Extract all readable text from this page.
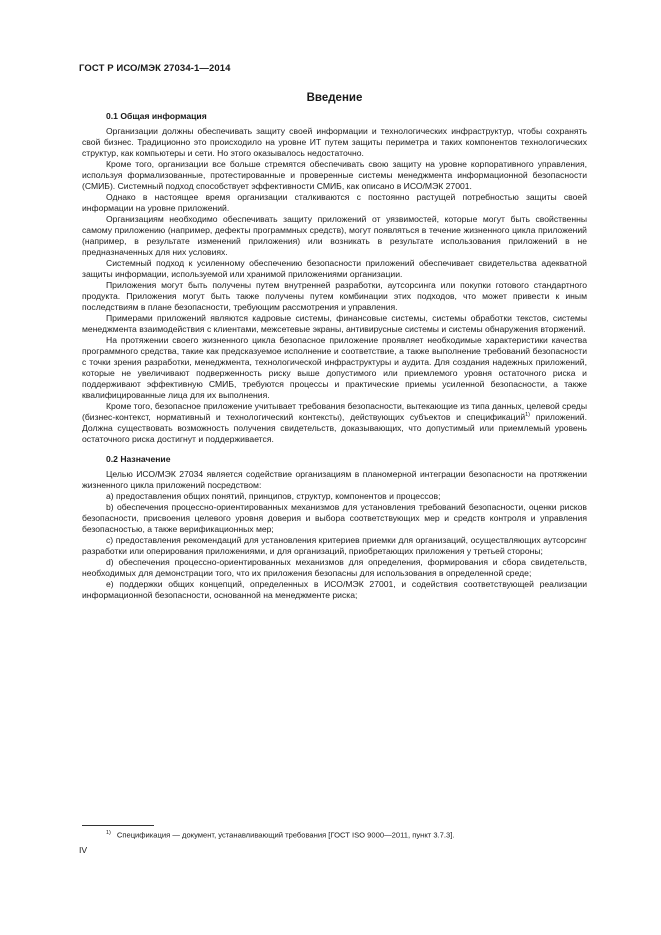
ГОСТ Р ИСО/МЭК 27034-1—2014
Введение
0.1 Общая информация

Организации должны обеспечивать защиту своей информации и технологических инфраструктур, чтобы сохранять свой бизнес. Традиционно это происходило на уровне ИТ путем защиты периметра и таких компонентов технологических структур, как компьютеры и сети. Но этого оказывалось недостаточно.

Кроме того, организации все больше стремятся обеспечивать свою защиту на уровне корпоративного управления, используя формализованные, протестированные и проверенные системы менеджмента информационной безопасности (СМИБ). Системный подход способствует эффективности СМИБ, как описано в ИСО/МЭК 27001.

Однако в настоящее время организации сталкиваются с постоянно растущей потребностью защиты своей информации на уровне приложений.

Организациям необходимо обеспечивать защиту приложений от уязвимостей, которые могут быть свойственны самому приложению (например, дефекты программных средств), могут появляться в течение жизненного цикла приложений (например, в результате изменений приложения) или возникать в результате использования приложений в не предназначенных для них условиях.

Системный подход к усиленному обеспечению безопасности приложений обеспечивает свидетельства адекватной защиты информации, используемой или хранимой приложениями организации.

Приложения могут быть получены путем внутренней разработки, аутсорсинга или покупки готового стандартного продукта. Приложения могут быть также получены путем комбинации этих подходов, что может привести к иным последствиям в плане безопасности, требующим рассмотрения и управления.

Примерами приложений являются кадровые системы, финансовые системы, системы обработки текстов, системы менеджмента взаимодействия с клиентами, межсетевые экраны, антивирусные системы и системы обнаружения вторжений.

На протяжении своего жизненного цикла безопасное приложение проявляет необходимые характеристики качества программного средства, такие как предсказуемое исполнение и соответствие, а также выполнение требований безопасности с точки зрения разработки, менеджмента, технологической инфраструктуры и аудита. Для создания надежных приложений, которые не увеличивают подверженность риску выше допустимого или приемлемого уровня остаточного риска и поддерживают эффективную СМИБ, требуются процессы и практические приемы усиленной безопасности, а также квалифицированные лица для их выполнения.

Кроме того, безопасное приложение учитывает требования безопасности, вытекающие из типа данных, целевой среды (бизнес-контекст, нормативный и технологический контексты), действующих субъектов и спецификаций$^{1)}$ приложений. Должна существовать возможность получения свидетельств, доказывающих, что допустимый или приемлемый уровень остаточного риска достигнут и поддерживается.

0.2 Назначение

Целью ИСО/МЭК 27034 является содействие организациям в планомерной интеграции безопасности на протяжении жизненного цикла приложений посредством:

а) предоставления общих понятий, принципов, структур, компонентов и процессов;

b) обеспечения процессно-ориентированных механизмов для установления требований безопасности, оценки рисков безопасности, присвоения целевого уровня доверия и выбора соответствующих мер и средств контроля и управления безопасностью, а также верификационных мер;

с) предоставления рекомендаций для установления критериев приемки для организаций, осуществляющих аутсорсинг разработки или оперирования приложениями, и для организаций, приобретающих приложения у третьей стороны;

d) обеспечения процессно-ориентированных механизмов для определения, формирования и сбора свидетельств, необходимых для демонстрации того, что их приложения безопасны для использования в определенной среде;

е) поддержки общих концепций, определенных в ИСО/МЭК 27001, и содействия соответствующей реализации информационной безопасности, основанной на менеджменте риска;

$^{1)}$ Спецификация — документ, устанавливающий требования [ГОСТ ISO 9000—2011, пункт 3.7.3].
IV
